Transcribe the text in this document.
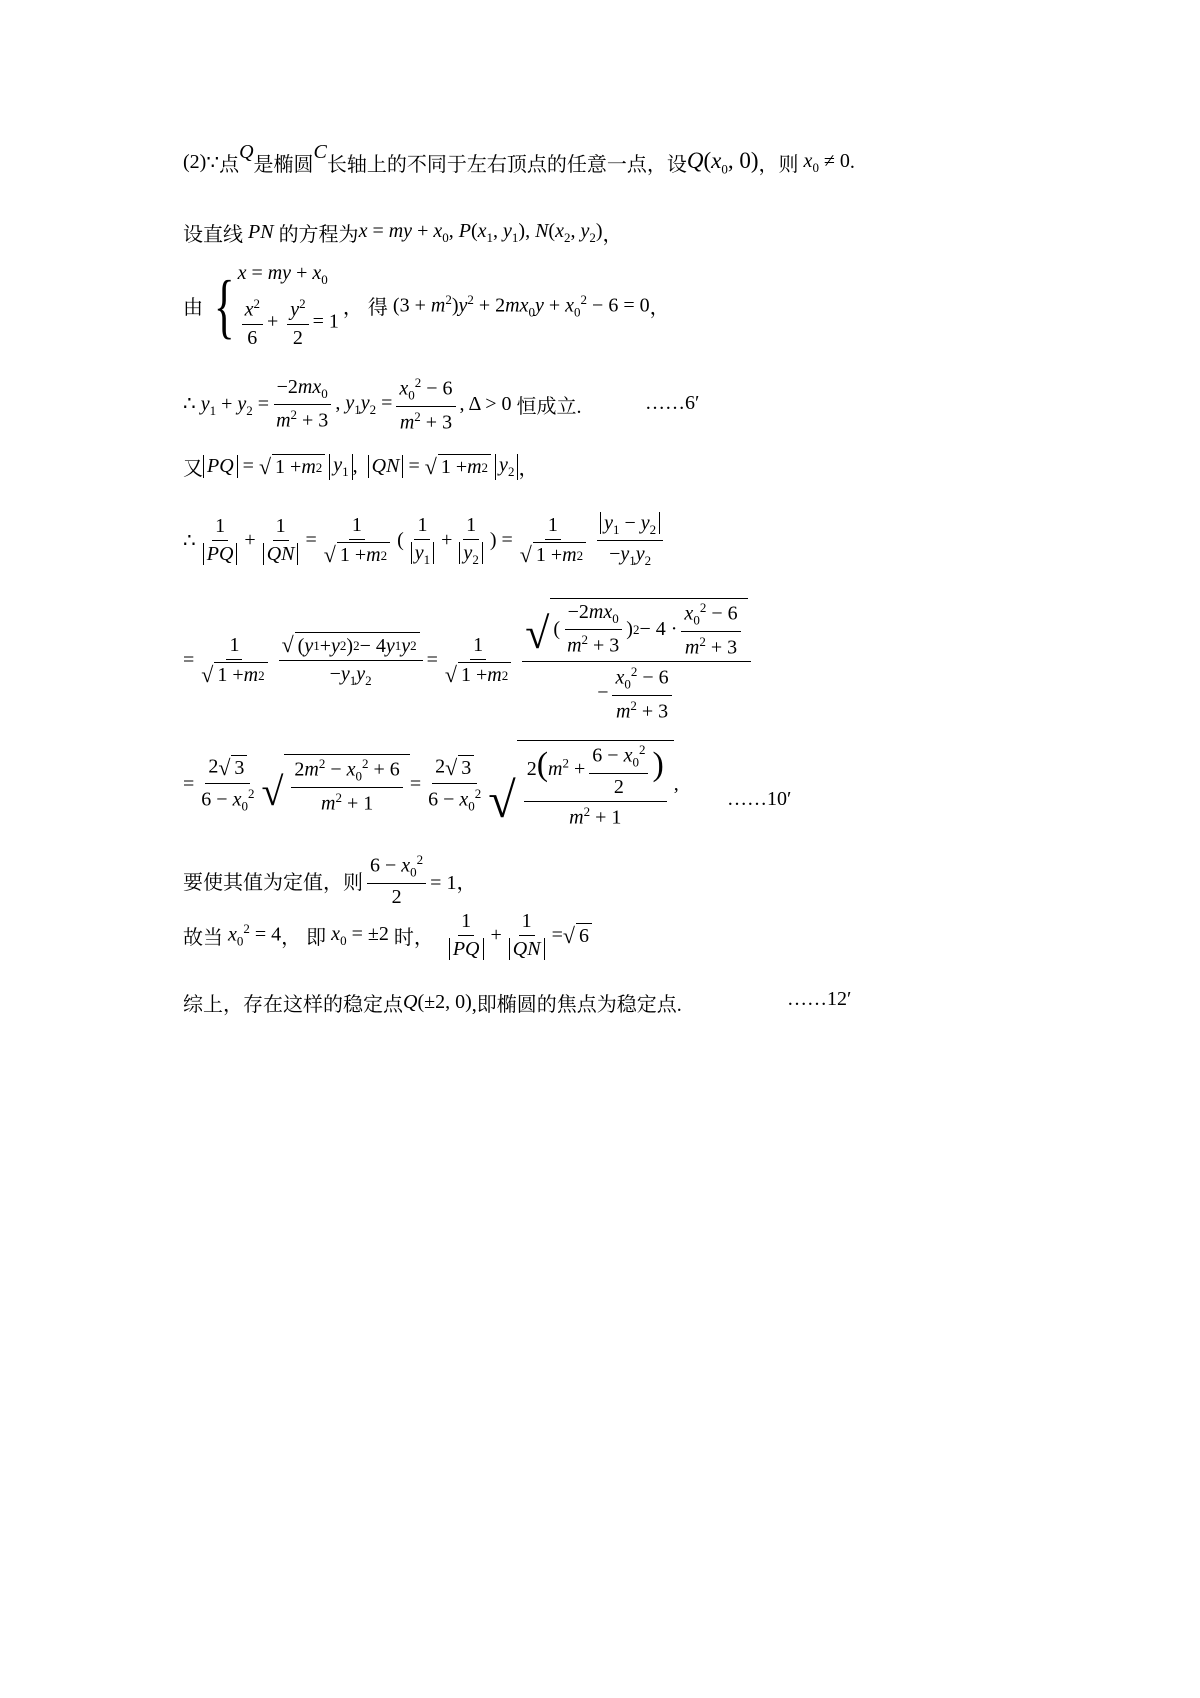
(2) ∵ 点
Q
是椭圆
C
长轴上的不同于左右顶点的任意一点，设 $Q(x_0$, 0) ，则 $x_0 \ne 0$ .
设直线 PN 的方程为 x = my + $x_0$, $P(x_1$, $y_1$), $N(x_2$, $y_2$) ，
由 { x = my + $x_0$
$\frac{x^2}{6} + \frac{y^2}{2} = 1$
， 得 $(3 + m^2)y^2 + 2mx_0y + x_0^2 - 6 = 0$ ，
∴ $y_1 + y_2 = \frac{-2mx_0}{m^2 + 3}$ , $y_1y_2 = \frac{x_0^2 - 6}{m^2 + 3}$ , Δ > 0 恒成立.	……6′
又 PQ = √ 1 + m 2 $y_1$ , QN = √ 1 + m 2 $y_2$ ，
∴ $\frac{1}{PQ} + \frac{1}{QN} = \frac{1}{√ 1 + m 2}$ ( $\frac{1}{y_1} + \frac{1}{y_2}$ ) = $\frac{1}{√ 1 + m 2} \frac{y_1 - y_2}{-y_1y_2}$
= $\frac{1}{√ 1 + m 2} \frac{√ ( y 1 + y 2 ) 2 - 4 y 1 y 2}{-y_1y_2} = \frac{1}{√ 1 + m 2} \frac{√ ( \frac{-2mx_0}{m^2 + 3} ) 2 - 4 \cdot \frac{x_0^2 - 6}{m^2 + 3}}{- \frac{x_0^2 - 6}{m^2 + 3}}$
= $\frac{2 √ 3}{6 - x_0^2}$ √ $\frac{2m^2 - x_0^2 + 6}{m^2 + 1} = \frac{2 √ 3}{6 - x_0^2}$ √ $\frac{2(m^2 + \frac{6 - x_0^2}{2} )}{m^2 + 1}$ ,
……10′
要使其值为定值，则 $\frac{6 - x_0^2}{2} = 1$，
故当 $x_0^2 = 4$ ， 即 $x_0 = \pm 2$ 时， $\frac{1}{PQ} + \frac{1}{QN}$ = √ 6
综上，存在这样的稳定点 Q(±2, 0) ,即椭圆的焦点为稳定点.	……12′
